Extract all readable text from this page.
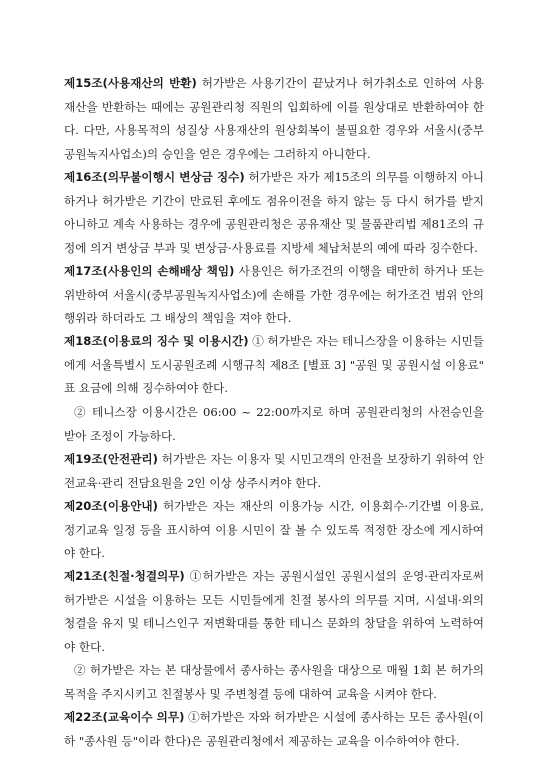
제15조(사용재산의 반환) 허가받은 사용기간이 끝났거나 허가취소로 인하여 사용재산을 반환하는 때에는 공원관리청 직원의 입회하에 이를 원상대로 반환하여야 한다. 다만, 사용목적의 성질상 사용재산의 원상회복이 불필요한 경우와 서울시(중부공원녹지사업소)의 승인을 얻은 경우에는 그러하지 아니한다.

제16조(의무불이행시 변상금 징수) 허가받은 자가 제15조의 의무를 이행하지 아니하거나 허가받은 기간이 만료된 후에도 점유이전을 하지 않는 등 다시 허가를 받지 아니하고 계속 사용하는 경우에 공원관리청은 공유재산 및 물품관리법 제81조의 규정에 의거 변상금 부과 및 변상금·사용료를 지방세 체납처분의 예에 따라 징수한다.

제17조(사용인의 손해배상 책임) 사용인은 허가조건의 이행을 태만히 하거나 또는 위반하여 서울시(중부공원녹지사업소)에 손해를 가한 경우에는 허가조건 범위 안의 행위라 하더라도 그 배상의 책임을 져야 한다.

제18조(이용료의 징수 및 이용시간) ① 허가받은 자는 테니스장을 이용하는 시민들에게 서울특별시 도시공원조례 시행규칙 제8조 [별표 3] "공원 및 공원시설 이용료" 표 요금에 의해 징수하여야 한다.

② 테니스장 이용시간은 06:00 ~ 22:00까지로 하며 공원관리청의 사전승인을 받아 조정이 가능하다.

제19조(안전관리) 허가받은 자는 이용자 및 시민고객의 안전을 보장하기 위하여 안전교육·관리 전담요원을 2인 이상 상주시켜야 한다.

제20조(이용안내) 허가받은 자는 재산의 이용가능 시간, 이용회수·기간별 이용료, 정기교육 일정 등을 표시하여 이용 시민이 잘 볼 수 있도록 적정한 장소에 게시하여야 한다.

제21조(친절·청결의무) ①허가받은 자는 공원시설인 공원시설의 운영·관리자로써 허가받은 시설을 이용하는 모든 시민들에게 친절 봉사의 의무를 지며, 시설내·외의 청결을 유지 및 테니스인구 저변확대를 통한 테니스 문화의 창달을 위하여 노력하여야 한다.

② 허가받은 자는 본 대상물에서 종사하는 종사원을 대상으로 매월 1회 본 허가의 목적을 주지시키고 친절봉사 및 주변청결 등에 대하여 교육을 시켜야 한다.

제22조(교육이수 의무) ①허가받은 자와 허가받은 시설에 종사하는 모든 종사원(이하 "종사원 등"이라 한다)은 공원관리청에서 제공하는 교육을 이수하여야 한다.
